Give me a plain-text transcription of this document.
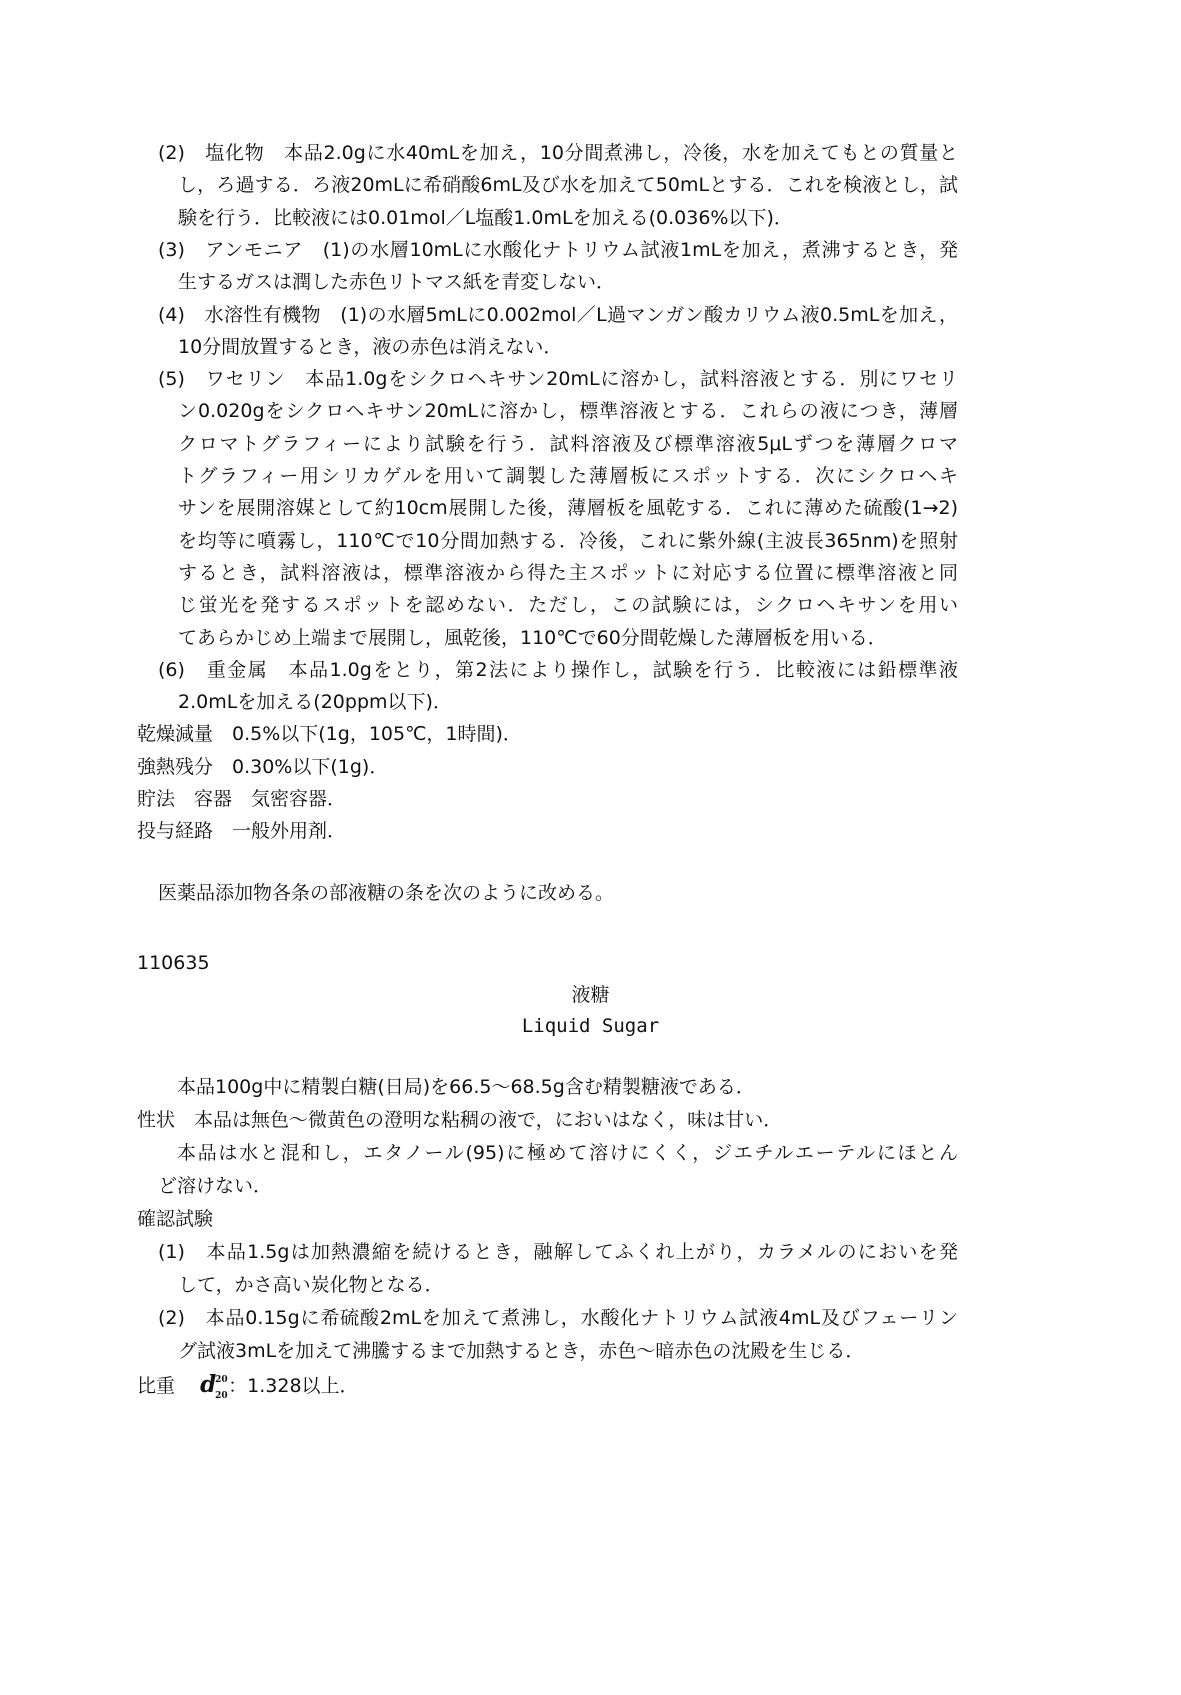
医薬品添加物各条の部液糖の条を次のように改める。
110635
液糖
Liquid Sugar
比重　 d
20
20 ：1.328以上．
(2)　塩化物　本品2.0gに水40mLを加え，10分間煮沸し，冷後，水を加えてもとの質量と
し，ろ過する．ろ液20mLに希硝酸6mL及び水を加えて50mLとする．これを検液とし，試
験を行う．比較液には0.01mol／L塩酸1.0mLを加える(0.036%以下)．
(3)　アンモニア　(1)の水層10mLに水酸化ナトリウム試液1mLを加え，煮沸するとき，発
生するガスは潤した赤色リトマス紙を青変しない．
(4)　水溶性有機物　(1)の水層5mLに0.002mol／L過マンガン酸カリウム液0.5mLを加え，
10分間放置するとき，液の赤色は消えない．
(5)　ワセリン　本品1.0gをシクロヘキサン20mLに溶かし，試料溶液とする．別にワセリ
ン0.020gをシクロヘキサン20mLに溶かし，標準溶液とする．これらの液につき，薄層
クロマトグラフィーにより試験を行う．試料溶液及び標準溶液5μLずつを薄層クロマ
トグラフィー用シリカゲルを用いて調製した薄層板にスポットする．次にシクロヘキ
サンを展開溶媒として約10cm展開した後，薄層板を風乾する．これに薄めた硫酸(1→2)
を均等に噴霧し，110℃で10分間加熱する．冷後，これに紫外線(主波長365nm)を照射
するとき，試料溶液は，標準溶液から得た主スポットに対応する位置に標準溶液と同
じ蛍光を発するスポットを認めない．ただし，この試験には，シクロヘキサンを用い
てあらかじめ上端まで展開し，風乾後，110℃で60分間乾燥した薄層板を用いる．
(6)　重金属　本品1.0gをとり，第2法により操作し，試験を行う．比較液には鉛標準液
2.0mLを加える(20ppm以下)．
乾燥減量　0.5%以下(1g，105℃，1時間)．
強熱残分　0.30%以下(1g)．
貯法　容器　気密容器．
投与経路　一般外用剤．
本品100g中に精製白糖(日局)を66.5～68.5g含む精製糖液である．
性状　本品は無色～微黄色の澄明な粘稠の液で，においはなく，味は甘い．
本品は水と混和し，エタノール(95)に極めて溶けにくく，ジエチルエーテルにほとん
ど溶けない．
確認試験
(1)　本品1.5gは加熱濃縮を続けるとき，融解してふくれ上がり，カラメルのにおいを発
して，かさ高い炭化物となる．
(2)　本品0.15gに希硫酸2mLを加えて煮沸し，水酸化ナトリウム試液4mL及びフェーリン
グ試液3mLを加えて沸騰するまで加熱するとき，赤色～暗赤色の沈殿を生じる．
